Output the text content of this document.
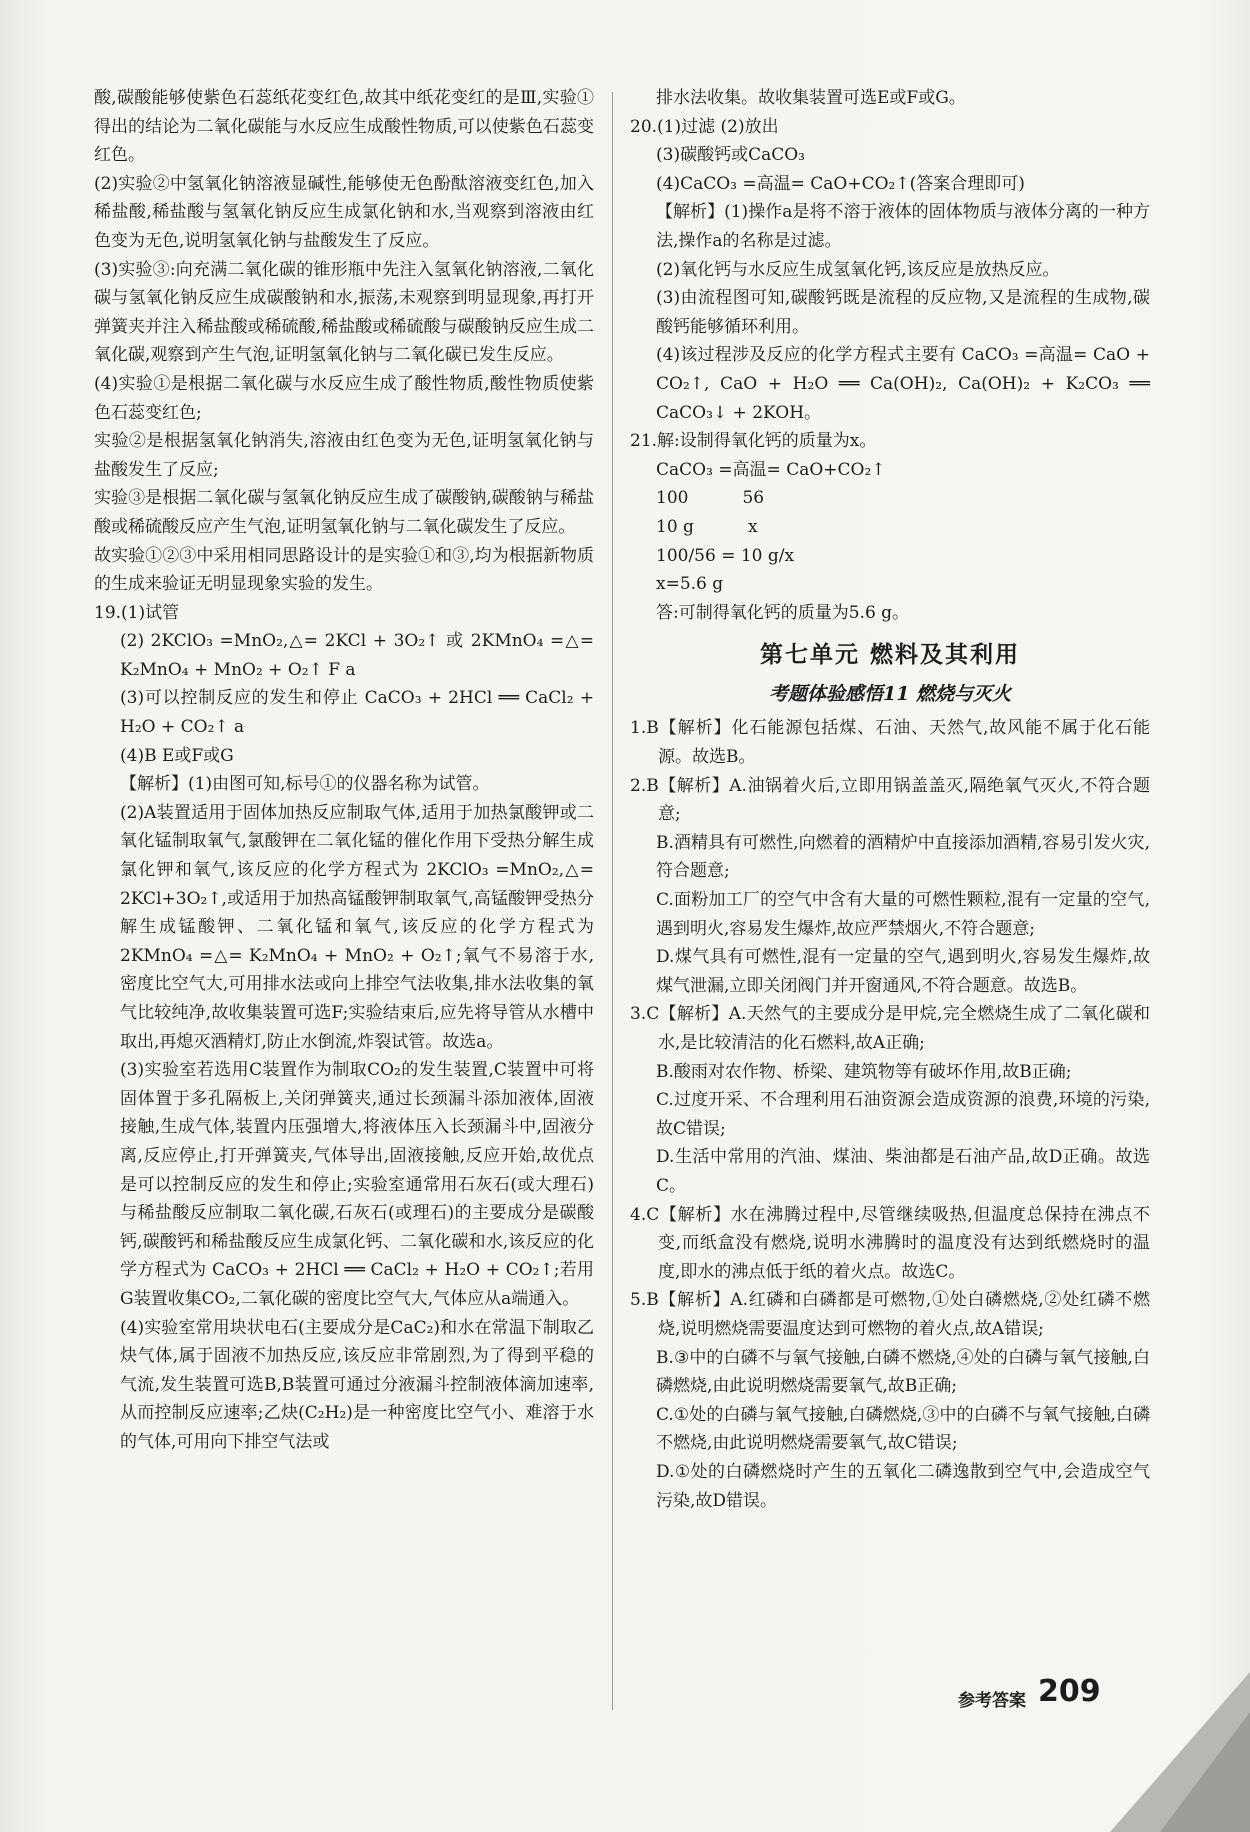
酸,碳酸能够使紫色石蕊纸花变红色,故其中纸花变红的是Ⅲ,实验①得出的结论为二氧化碳能与水反应生成酸性物质,可以使紫色石蕊变红色。

(2)实验②中氢氧化钠溶液显碱性,能够使无色酚酞溶液变红色,加入稀盐酸,稀盐酸与氢氧化钠反应生成氯化钠和水,当观察到溶液由红色变为无色,说明氢氧化钠与盐酸发生了反应。

(3)实验③:向充满二氧化碳的锥形瓶中先注入氢氧化钠溶液,二氧化碳与氢氧化钠反应生成碳酸钠和水,振荡,未观察到明显现象,再打开弹簧夹并注入稀盐酸或稀硫酸,稀盐酸或稀硫酸与碳酸钠反应生成二氧化碳,观察到产生气泡,证明氢氧化钠与二氧化碳已发生反应。

(4)实验①是根据二氧化碳与水反应生成了酸性物质,酸性物质使紫色石蕊变红色;

实验②是根据氢氧化钠消失,溶液由红色变为无色,证明氢氧化钠与盐酸发生了反应;

实验③是根据二氧化碳与氢氧化钠反应生成了碳酸钠,碳酸钠与稀盐酸或稀硫酸反应产生气泡,证明氢氧化钠与二氧化碳发生了反应。

故实验①②③中采用相同思路设计的是实验①和③,均为根据新物质的生成来验证无明显现象实验的发生。

19.(1)试管

(2) 2KClO₃ =MnO₂,△= 2KCl + 3O₂↑ 或 2KMnO₄ =△= K₂MnO₄ + MnO₂ + O₂↑ F a

(3)可以控制反应的发生和停止 CaCO₃ + 2HCl ══ CaCl₂ + H₂O + CO₂↑ a

(4)B E或F或G

【解析】(1)由图可知,标号①的仪器名称为试管。

(2)A装置适用于固体加热反应制取气体,适用于加热氯酸钾或二氧化锰制取氧气,氯酸钾在二氧化锰的催化作用下受热分解生成氯化钾和氧气,该反应的化学方程式为 2KClO₃ =MnO₂,△= 2KCl+3O₂↑,或适用于加热高锰酸钾制取氧气,高锰酸钾受热分解生成锰酸钾、二氧化锰和氧气,该反应的化学方程式为 2KMnO₄ =△= K₂MnO₄ + MnO₂ + O₂↑;氧气不易溶于水,密度比空气大,可用排水法或向上排空气法收集,排水法收集的氧气比较纯净,故收集装置可选F;实验结束后,应先将导管从水槽中取出,再熄灭酒精灯,防止水倒流,炸裂试管。故选a。

(3)实验室若选用C装置作为制取CO₂的发生装置,C装置中可将固体置于多孔隔板上,关闭弹簧夹,通过长颈漏斗添加液体,固液接触,生成气体,装置内压强增大,将液体压入长颈漏斗中,固液分离,反应停止,打开弹簧夹,气体导出,固液接触,反应开始,故优点是可以控制反应的发生和停止;实验室通常用石灰石(或大理石)与稀盐酸反应制取二氧化碳,石灰石(或理石)的主要成分是碳酸钙,碳酸钙和稀盐酸反应生成氯化钙、二氧化碳和水,该反应的化学方程式为 CaCO₃ + 2HCl ══ CaCl₂ + H₂O + CO₂↑;若用G装置收集CO₂,二氧化碳的密度比空气大,气体应从a端通入。

(4)实验室常用块状电石(主要成分是CaC₂)和水在常温下制取乙炔气体,属于固液不加热反应,该反应非常剧烈,为了得到平稳的气流,发生装置可选B,B装置可通过分液漏斗控制液体滴加速率,从而控制反应速率;乙炔(C₂H₂)是一种密度比空气小、难溶于水的气体,可用向下排空气法或

排水法收集。故收集装置可选E或F或G。

20.(1)过滤 (2)放出

(3)碳酸钙或CaCO₃

(4)CaCO₃ =高温= CaO+CO₂↑(答案合理即可)

【解析】(1)操作a是将不溶于液体的固体物质与液体分离的一种方法,操作a的名称是过滤。

(2)氧化钙与水反应生成氢氧化钙,该反应是放热反应。

(3)由流程图可知,碳酸钙既是流程的反应物,又是流程的生成物,碳酸钙能够循环利用。

(4)该过程涉及反应的化学方程式主要有 CaCO₃ =高温= CaO + CO₂↑, CaO + H₂O ══ Ca(OH)₂, Ca(OH)₂ + K₂CO₃ ══ CaCO₃↓ + 2KOH。

21.解:设制得氧化钙的质量为x。

CaCO₃ =高温= CaO+CO₂↑

100          56

10 g          x

100/56 = 10 g/x

x=5.6 g

答:可制得氧化钙的质量为5.6 g。

第七单元 燃料及其利用
考题体验感悟11 燃烧与灭火

1.B【解析】化石能源包括煤、石油、天然气,故风能不属于化石能源。故选B。

2.B【解析】A.油锅着火后,立即用锅盖盖灭,隔绝氧气灭火,不符合题意;

B.酒精具有可燃性,向燃着的酒精炉中直接添加酒精,容易引发火灾,符合题意;

C.面粉加工厂的空气中含有大量的可燃性颗粒,混有一定量的空气,遇到明火,容易发生爆炸,故应严禁烟火,不符合题意;

D.煤气具有可燃性,混有一定量的空气,遇到明火,容易发生爆炸,故煤气泄漏,立即关闭阀门并开窗通风,不符合题意。故选B。

3.C【解析】A.天然气的主要成分是甲烷,完全燃烧生成了二氧化碳和水,是比较清洁的化石燃料,故A正确;

B.酸雨对农作物、桥梁、建筑物等有破坏作用,故B正确;

C.过度开采、不合理利用石油资源会造成资源的浪费,环境的污染,故C错误;

D.生活中常用的汽油、煤油、柴油都是石油产品,故D正确。故选C。

4.C【解析】水在沸腾过程中,尽管继续吸热,但温度总保持在沸点不变,而纸盒没有燃烧,说明水沸腾时的温度没有达到纸燃烧时的温度,即水的沸点低于纸的着火点。故选C。

5.B【解析】A.红磷和白磷都是可燃物,①处白磷燃烧,②处红磷不燃烧,说明燃烧需要温度达到可燃物的着火点,故A错误;

B.③中的白磷不与氧气接触,白磷不燃烧,④处的白磷与氧气接触,白磷燃烧,由此说明燃烧需要氧气,故B正确;

C.①处的白磷与氧气接触,白磷燃烧,③中的白磷不与氧气接触,白磷不燃烧,由此说明燃烧需要氧气,故C错误;

D.①处的白磷燃烧时产生的五氧化二磷逸散到空气中,会造成空气污染,故D错误。

参考答案 209
